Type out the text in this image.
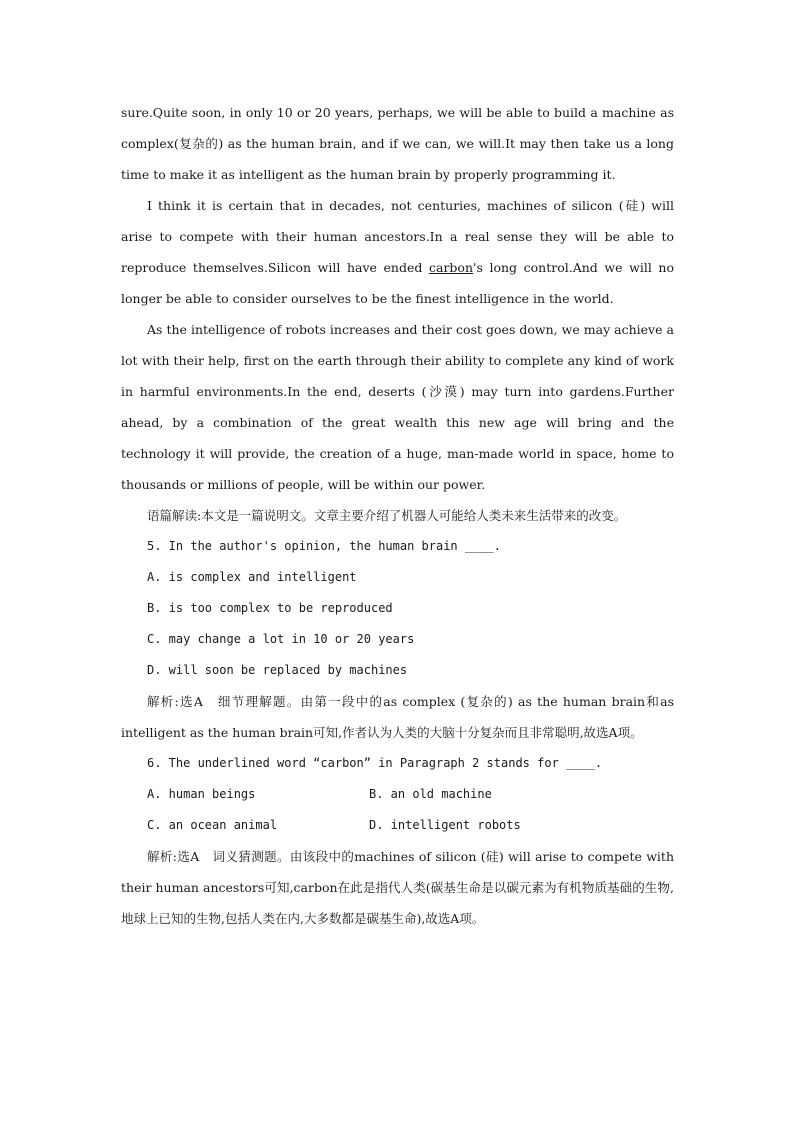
sure.Quite soon, in only 10 or 20 years, perhaps, we will be able to build a machine as complex(复杂的) as the human brain, and if we can, we will.It may then take us a long time to make it as intelligent as the human brain by properly programming it.

I think it is certain that in decades, not centuries, machines of silicon (硅) will arise to compete with their human ancestors.In a real sense they will be able to reproduce themselves.Silicon will have ended carbon's long control.And we will no longer be able to consider ourselves to be the finest intelligence in the world.

As the intelligence of robots increases and their cost goes down, we may achieve a lot with their help, first on the earth through their ability to complete any kind of work in harmful environments.In the end, deserts (沙漠) may turn into gardens.Further ahead, by a combination of the great wealth this new age will bring and the technology it will provide, the creation of a huge, man-made world in space, home to thousands or millions of people, will be within our power.

语篇解读:本文是一篇说明文。文章主要介绍了机器人可能给人类未来生活带来的改变。

5. In the author's opinion, the human brain ____.

A. is complex and intelligent

B. is too complex to be reproduced

C. may change a lot in 10 or 20 years

D. will soon be replaced by machines

解析:选A　细节理解题。由第一段中的as complex (复杂的) as the human brain和as intelligent as the human brain可知,作者认为人类的大脑十分复杂而且非常聪明,故选A项。

6. The underlined word “carbon” in Paragraph 2 stands for ____.

A. human beings	B. an old machine
C. an ocean animal	D. intelligent robots

解析:选A　词义猜测题。由该段中的machines of silicon (硅) will arise to compete with their human ancestors可知,carbon在此是指代人类(碳基生命是以碳元素为有机物质基础的生物,地球上已知的生物,包括人类在内,大多数都是碳基生命),故选A项。
